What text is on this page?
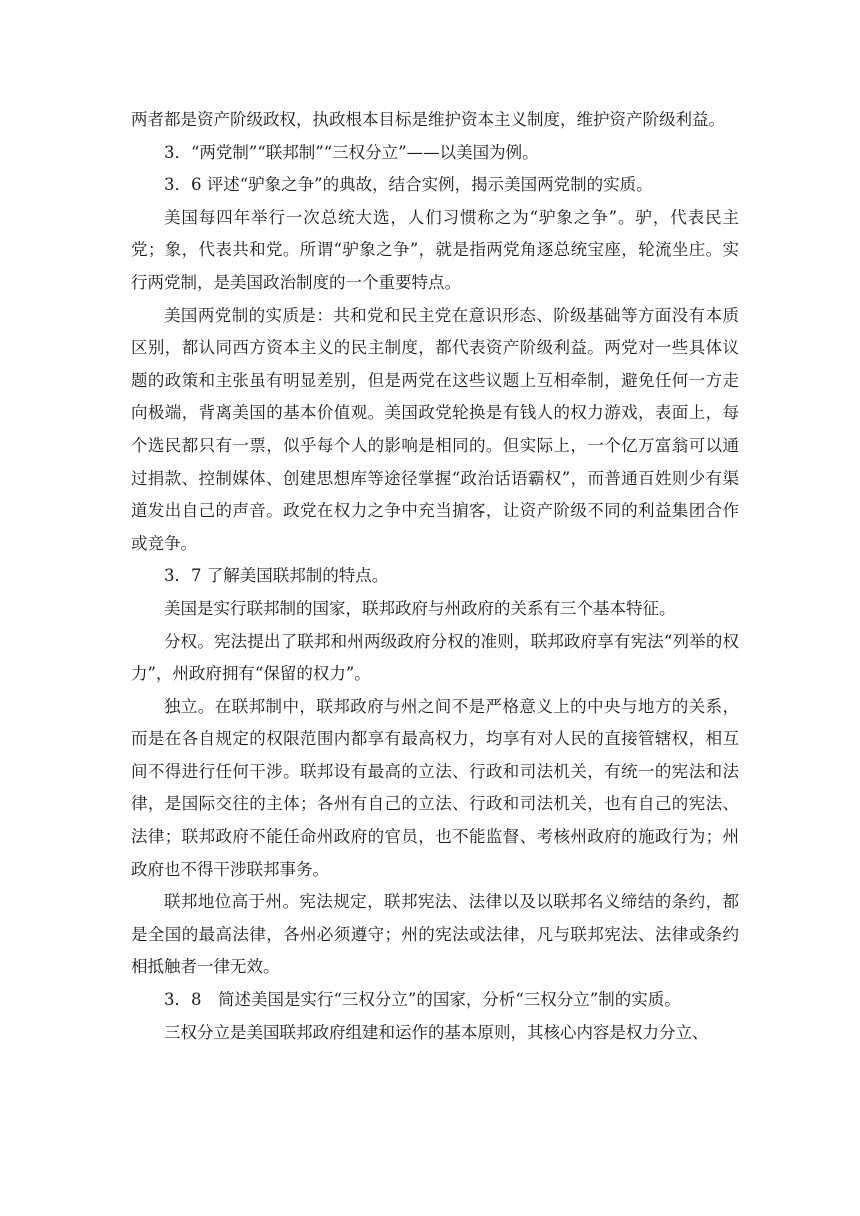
两者都是资产阶级政权，执政根本目标是维护资本主义制度，维护资产阶级利益。

3．“两党制”“联邦制”“三权分立”——以美国为例。

3．6 评述“驴象之争”的典故，结合实例，揭示美国两党制的实质。

美国每四年举行一次总统大选，人们习惯称之为“驴象之争”。驴，代表民主党；象，代表共和党。所谓“驴象之争”，就是指两党角逐总统宝座，轮流坐庄。实行两党制，是美国政治制度的一个重要特点。

美国两党制的实质是：共和党和民主党在意识形态、阶级基础等方面没有本质区别，都认同西方资本主义的民主制度，都代表资产阶级利益。两党对一些具体议题的政策和主张虽有明显差别，但是两党在这些议题上互相牵制，避免任何一方走向极端，背离美国的基本价值观。美国政党轮换是有钱人的权力游戏，表面上，每个选民都只有一票，似乎每个人的影响是相同的。但实际上，一个亿万富翁可以通过捐款、控制媒体、创建思想库等途径掌握“政治话语霸权”，而普通百姓则少有渠道发出自己的声音。政党在权力之争中充当掮客，让资产阶级不同的利益集团合作或竞争。

3．7 了解美国联邦制的特点。

美国是实行联邦制的国家，联邦政府与州政府的关系有三个基本特征。

分权。宪法提出了联邦和州两级政府分权的准则，联邦政府享有宪法“列举的权力”，州政府拥有“保留的权力”。

独立。在联邦制中，联邦政府与州之间不是严格意义上的中央与地方的关系，而是在各自规定的权限范围内都享有最高权力，均享有对人民的直接管辖权，相互间不得进行任何干涉。联邦设有最高的立法、行政和司法机关，有统一的宪法和法律，是国际交往的主体；各州有自己的立法、行政和司法机关，也有自己的宪法、法律；联邦政府不能任命州政府的官员，也不能监督、考核州政府的施政行为；州政府也不得干涉联邦事务。

联邦地位高于州。宪法规定，联邦宪法、法律以及以联邦名义缔结的条约，都是全国的最高法律，各州必须遵守；州的宪法或法律，凡与联邦宪法、法律或条约相抵触者一律无效。

3．8　简述美国是实行“三权分立”的国家，分析“三权分立”制的实质。

三权分立是美国联邦政府组建和运作的基本原则，其核心内容是权力分立、
